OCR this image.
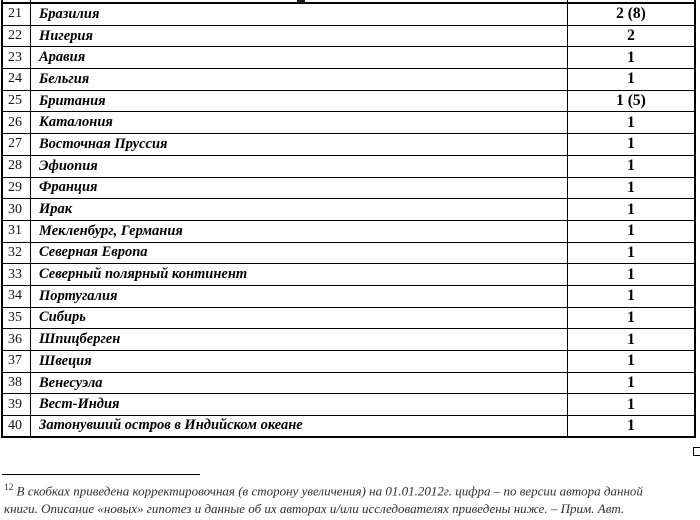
21	Бразилия	2 (8)
22	Нигерия	2
23	Аравия	1
24	Бельгия	1
25	Британия	1 (5)
26	Каталония	1
27	Восточная Пруссия	1
28	Эфиопия	1
29	Франция	1
30	Ирак	1
31	Мекленбург, Германия	1
32	Северная Европа	1
33	Северный полярный континент	1
34	Португалия	1
35	Сибирь	1
36	Шпицберген	1
37	Швеция	1
38	Венесуэла	1
39	Вест-Индия	1
40	Затонувший остров в Индийском океане	1
$^{12}$ В скобках приведена корректировочная (в сторону увеличения) на 01.01.2012г. цифра – по версии автора данной
книги. Описание «новых» гипотез и данные об их авторах и/или исследователях приведены ниже. – Прим. Авт.
